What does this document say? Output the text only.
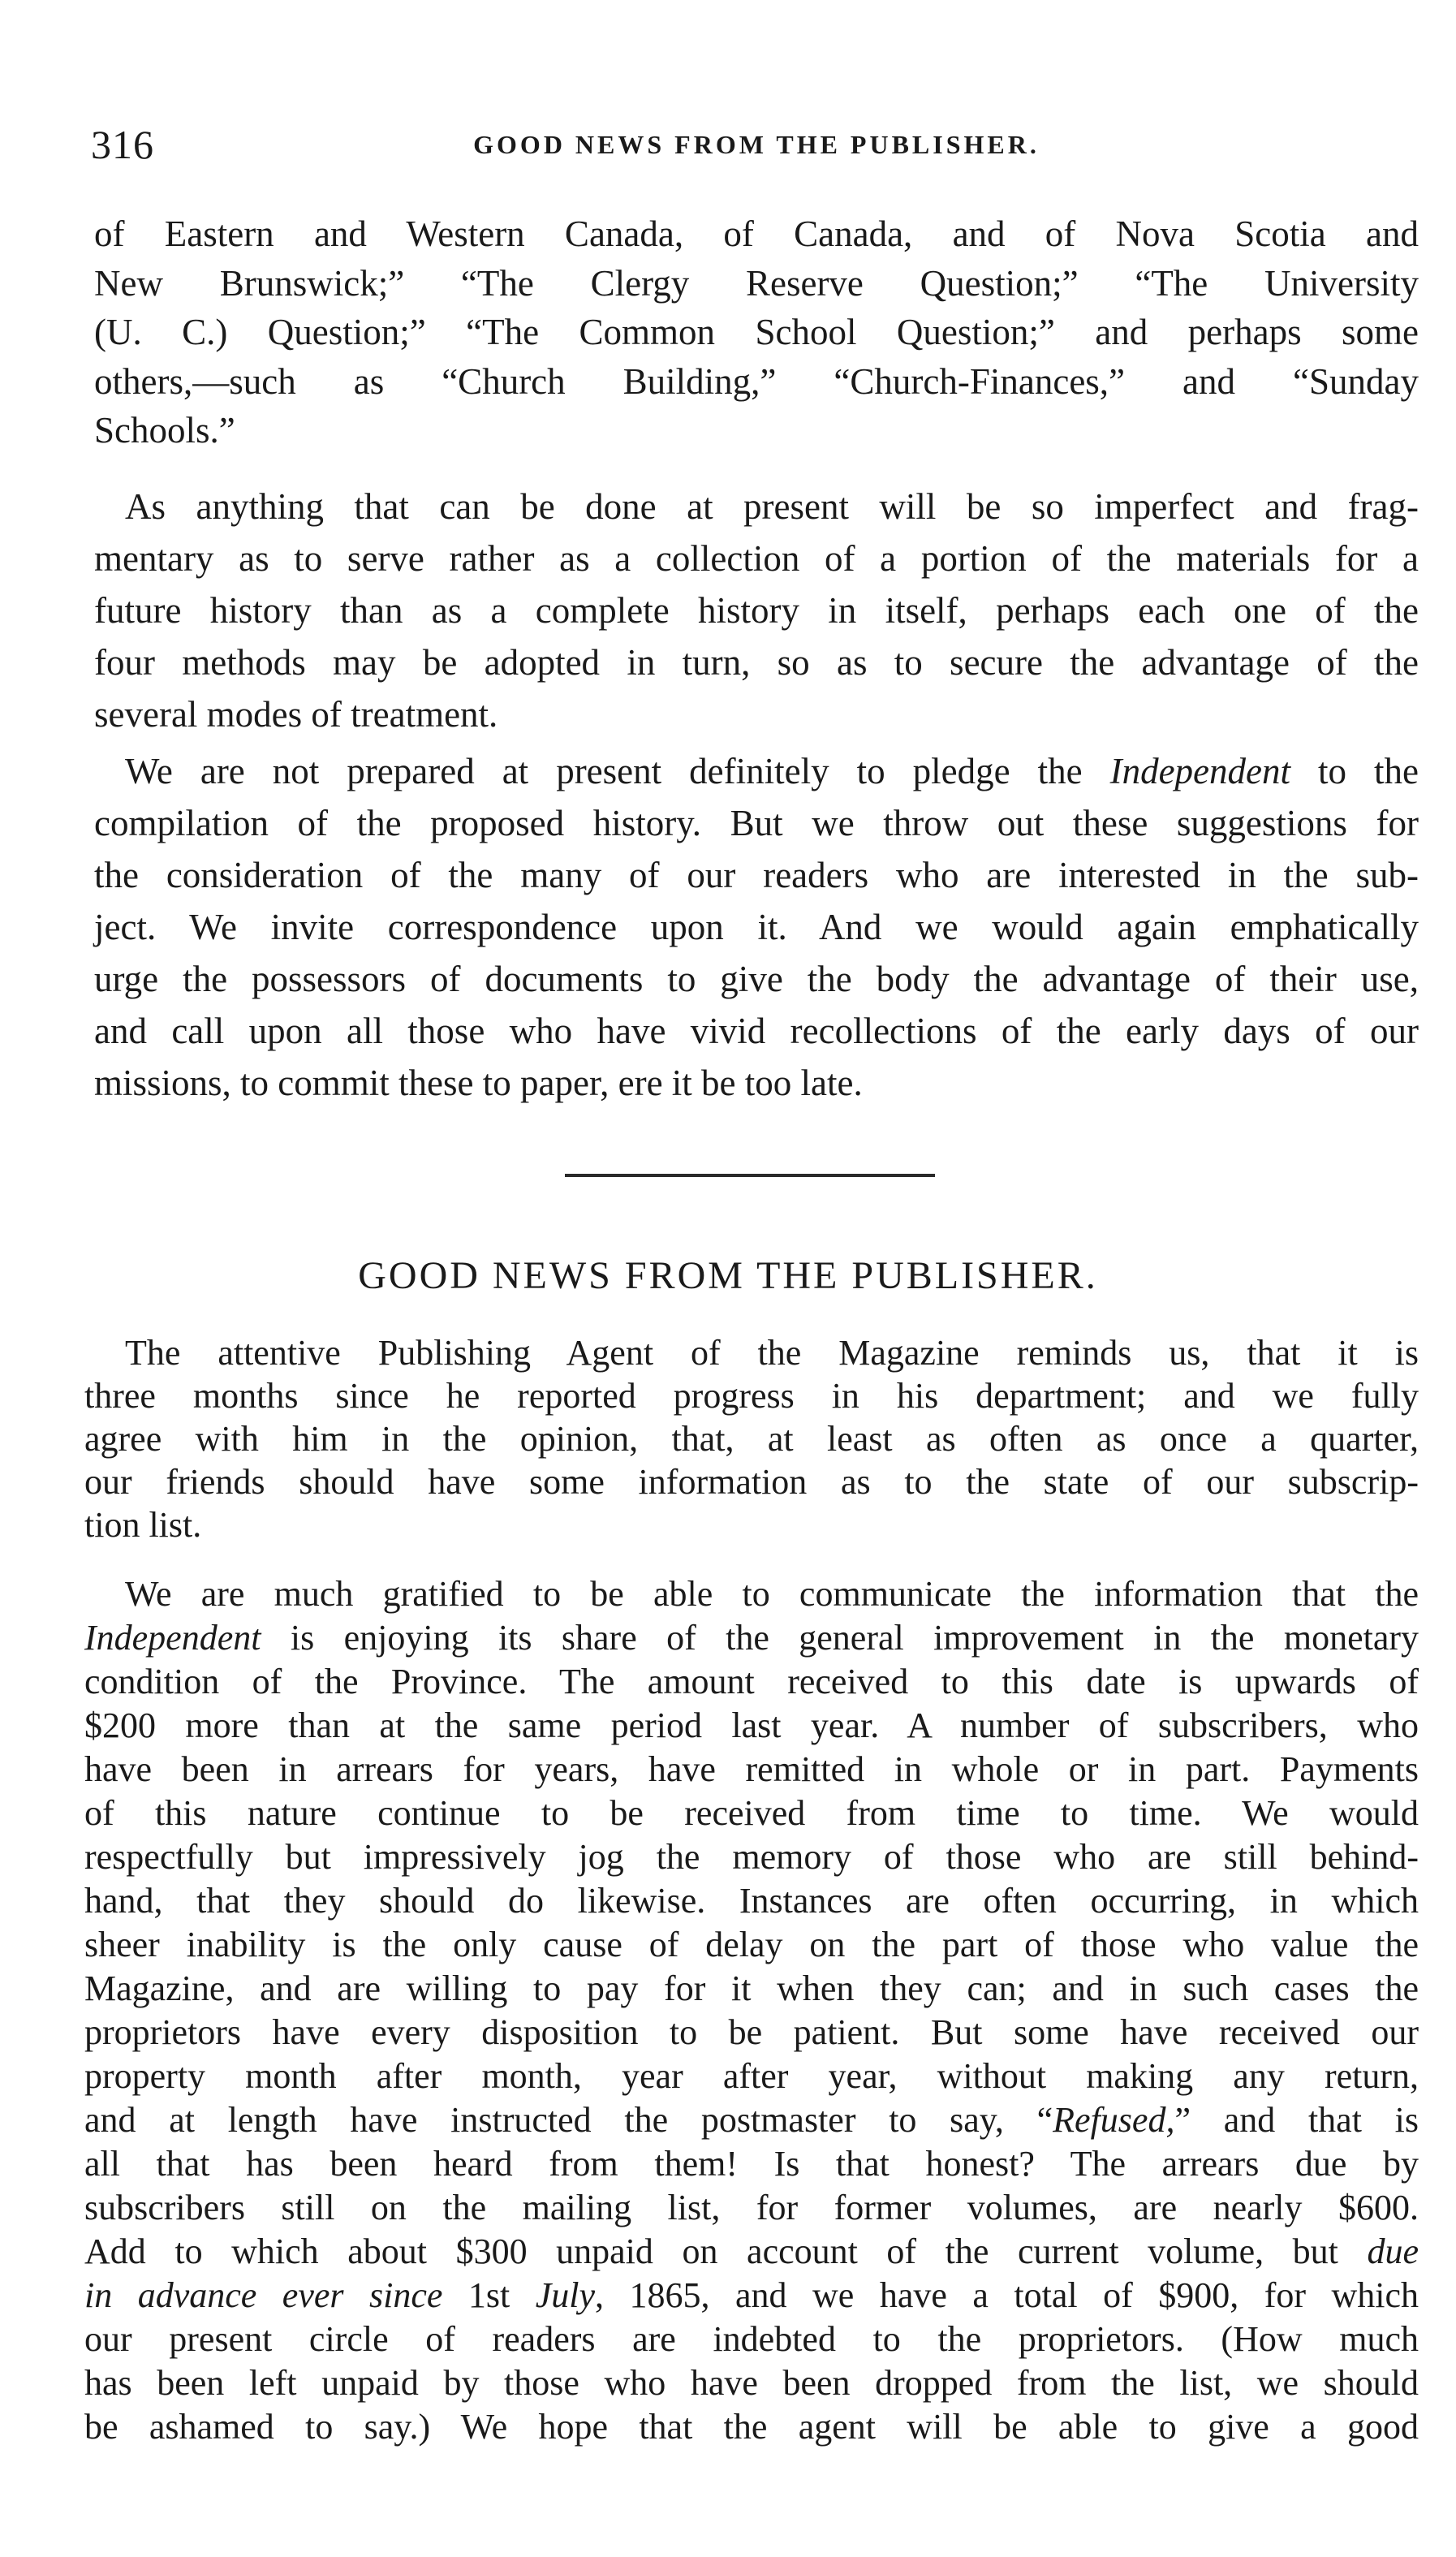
316	GOOD NEWS FROM THE PUBLISHER.
of Eastern and Western Canada, of Canada, and of Nova Scotia and
New Brunswick;” “The Clergy Reserve Question;” “The University
(U. C.) Question;” “The Common School Question;” and perhaps some
others,—such as “Church Building,” “Church-Finances,” and “Sunday
Schools.”
As anything that can be done at present will be so imperfect and frag-
mentary as to serve rather as a collection of a portion of the materials for a
future history than as a complete history in itself, perhaps each one of the
four methods may be adopted in turn, so as to secure the advantage of the
several modes of treatment.
We are not prepared at present definitely to pledge the Independent to the
compilation of the proposed history. But we throw out these suggestions for
the consideration of the many of our readers who are interested in the sub-
ject. We invite correspondence upon it. And we would again emphatically
urge the possessors of documents to give the body the advantage of their use,
and call upon all those who have vivid recollections of the early days of our
missions, to commit these to paper, ere it be too late.
GOOD NEWS FROM THE PUBLISHER.
The attentive Publishing Agent of the Magazine reminds us, that it is
three months since he reported progress in his department; and we fully
agree with him in the opinion, that, at least as often as once a quarter,
our friends should have some information as to the state of our subscrip-
tion list.
We are much gratified to be able to communicate the information that the
Independent is enjoying its share of the general improvement in the monetary
condition of the Province. The amount received to this date is upwards of
$200 more than at the same period last year. A number of subscribers, who
have been in arrears for years, have remitted in whole or in part. Payments
of this nature continue to be received from time to time. We would
respectfully but impressively jog the memory of those who are still behind-
hand, that they should do likewise. Instances are often occurring, in which
sheer inability is the only cause of delay on the part of those who value the
Magazine, and are willing to pay for it when they can; and in such cases the
proprietors have every disposition to be patient. But some have received our
property month after month, year after year, without making any return,
and at length have instructed the postmaster to say, “Refused,” and that is
all that has been heard from them! Is that honest? The arrears due by
subscribers still on the mailing list, for former volumes, are nearly $600.
Add to which about $300 unpaid on account of the current volume, but due
in advance ever since 1st July, 1865, and we have a total of $900, for which
our present circle of readers are indebted to the proprietors. (How much
has been left unpaid by those who have been dropped from the list, we should
be ashamed to say.) We hope that the agent will be able to give a good
